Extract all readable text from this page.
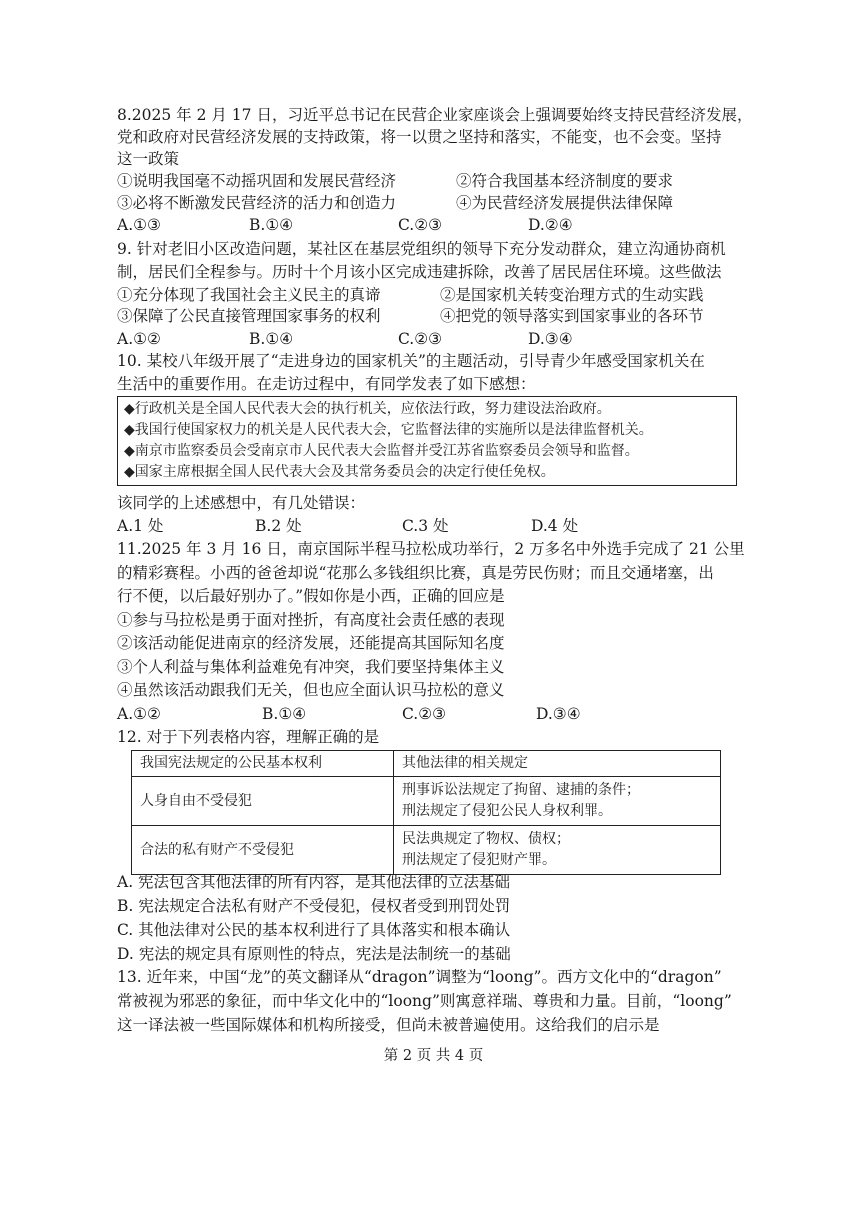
8.2025 年 2 月 17 日，习近平总书记在民营企业家座谈会上强调要始终支持民营经济发展，
党和政府对民营经济发展的支持政策，将一以贯之坚持和落实，不能变，也不会变。坚持
这一政策
①说明我国毫不动摇巩固和发展民营经济	②符合我国基本经济制度的要求
③必将不断激发民营经济的活力和创造力	④为民营经济发展提供法律保障
A.①③	B.①④	C.②③	D.②④
9. 针对老旧小区改造问题，某社区在基层党组织的领导下充分发动群众，建立沟通协商机
制，居民们全程参与。历时十个月该小区完成违建拆除，改善了居民居住环境。这些做法
①充分体现了我国社会主义民主的真谛	②是国家机关转变治理方式的生动实践
③保障了公民直接管理国家事务的权利	④把党的领导落实到国家事业的各环节
A.①②	B.①④	C.②③	D.③④
10. 某校八年级开展了“走进身边的国家机关”的主题活动，引导青少年感受国家机关在
生活中的重要作用。在走访过程中，有同学发表了如下感想：
◆行政机关是全国人民代表大会的执行机关，应依法行政，努力建设法治政府。
◆我国行使国家权力的机关是人民代表大会，它监督法律的实施所以是法律监督机关。
◆南京市监察委员会受南京市人民代表大会监督并受江苏省监察委员会领导和监督。
◆国家主席根据全国人民代表大会及其常务委员会的决定行使任免权。
该同学的上述感想中，有几处错误：
A.1 处	B.2 处	C.3 处	D.4 处
11.2025 年 3 月 16 日，南京国际半程马拉松成功举行，2 万多名中外选手完成了 21 公里
的精彩赛程。小西的爸爸却说“花那么多钱组织比赛，真是劳民伤财；而且交通堵塞，出
行不便，以后最好别办了。”假如你是小西，正确的回应是
①参与马拉松是勇于面对挫折，有高度社会责任感的表现
②该活动能促进南京的经济发展，还能提高其国际知名度
③个人利益与集体利益难免有冲突，我们要坚持集体主义
④虽然该活动跟我们无关，但也应全面认识马拉松的意义
A.①②	B.①④	C.②③	D.③④
12. 对于下列表格内容，理解正确的是
我国宪法规定的公民基本权利	其他法律的相关规定
人身自由不受侵犯	刑事诉讼法规定了拘留、逮捕的条件；
刑法规定了侵犯公民人身权利罪。

合法的私有财产不受侵犯	民法典规定了物权、债权；
刑法规定了侵犯财产罪。
A. 宪法包含其他法律的所有内容，是其他法律的立法基础
B. 宪法规定合法私有财产不受侵犯，侵权者受到刑罚处罚
C. 其他法律对公民的基本权利进行了具体落实和根本确认
D. 宪法的规定具有原则性的特点，宪法是法制统一的基础
13. 近年来，中国“龙”的英文翻译从“dragon”调整为“loong”。西方文化中的“dragon”
常被视为邪恶的象征，而中华文化中的“loong”则寓意祥瑞、尊贵和力量。目前，“loong”
这一译法被一些国际媒体和机构所接受，但尚未被普遍使用。这给我们的启示是
第 2 页 共 4 页
